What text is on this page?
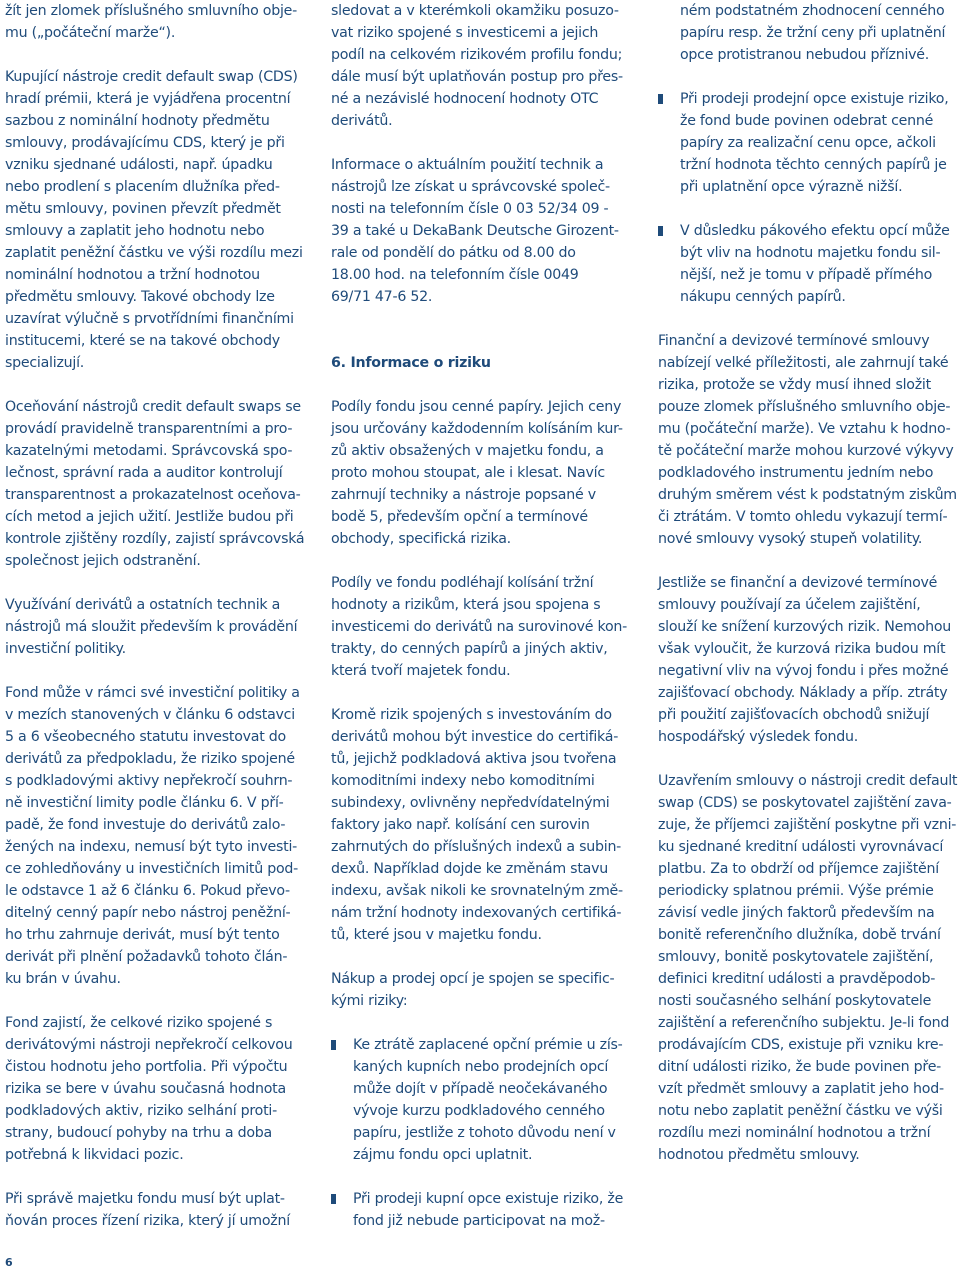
žít jen zlomek příslušného smluvního obje-
mu („počáteční marže“).

Kupující nástroje credit default swap (CDS)
hradí prémii, která je vyjádřena procentní
sazbou z nominální hodnoty předmětu
smlouvy, prodávajícímu CDS, který je při
vzniku sjednané události, např. úpadku
nebo prodlení s placením dlužníka před-
mětu smlouvy, povinen převzít předmět
smlouvy a zaplatit jeho hodnotu nebo
zaplatit peněžní částku ve výši rozdílu mezi
nominální hodnotou a tržní hodnotou
předmětu smlouvy. Takové obchody lze
uzavírat výlučně s prvotřídními finančními
institucemi, které se na takové obchody
specializují.

Oceňování nástrojů credit default swaps se
provádí pravidelně transparentními a pro-
kazatelnými metodami. Správcovská spo-
lečnost, správní rada a auditor kontrolují
transparentnost a prokazatelnost oceňova-
cích metod a jejich užití. Jestliže budou při
kontrole zjištěny rozdíly, zajistí správcovská
společnost jejich odstranění.

Využívání derivátů a ostatních technik a
nástrojů má sloužit především k provádění
investiční politiky.

Fond může v rámci své investiční politiky a
v mezích stanovených v článku 6 odstavci
5 a 6 všeobecného statutu investovat do
derivátů za předpokladu, že riziko spojené
s podkladovými aktivy nepřekročí souhrn-
ně investiční limity podle článku 6. V pří-
padě, že fond investuje do derivátů zalo-
žených na indexu, nemusí být tyto investi-
ce zohledňovány u investičních limitů pod-
le odstavce 1 až 6 článku 6. Pokud převo-
ditelný cenný papír nebo nástroj peněžní-
ho trhu zahrnuje derivát, musí být tento
derivát při plnění požadavků tohoto člán-
ku brán v úvahu.

Fond zajistí, že celkové riziko spojené s
derivátovými nástroji nepřekročí celkovou
čistou hodnotu jeho portfolia. Při výpočtu
rizika se bere v úvahu současná hodnota
podkladových aktiv, riziko selhání proti-
strany, budoucí pohyby na trhu a doba
potřebná k likvidaci pozic.

Při správě majetku fondu musí být uplat-
ňován proces řízení rizika, který jí umožní

sledovat a v kterémkoli okamžiku posuzo-
vat riziko spojené s investicemi a jejich
podíl na celkovém rizikovém profilu fondu;
dále musí být uplatňován postup pro přes-
né a nezávislé hodnocení hodnoty OTC
derivátů.

Informace o aktuálním použití technik a
nástrojů lze získat u správcovské společ-
nosti na telefonním čísle 0 03 52/34 09 -
39 a také u DekaBank Deutsche Girozent-
rale od pondělí do pátku od 8.00 do
18.00 hod. na telefonním čísle 0049
69/71 47-6 52.

6. Informace o riziku

Podíly fondu jsou cenné papíry. Jejich ceny
jsou určovány každodenním kolísáním kur-
zů aktiv obsažených v majetku fondu, a
proto mohou stoupat, ale i klesat. Navíc
zahrnují techniky a nástroje popsané v
bodě 5, především opční a termínové
obchody, specifická rizika.

Podíly ve fondu podléhají kolísání tržní
hodnoty a rizikům, která jsou spojena s
investicemi do derivátů na surovinové kon-
trakty, do cenných papírů a jiných aktiv,
která tvoří majetek fondu.

Kromě rizik spojených s investováním do
derivátů mohou být investice do certifiká-
tů, jejichž podkladová aktiva jsou tvořena
komoditními indexy nebo komoditními
subindexy, ovlivněny nepředvídatelnými
faktory jako např. kolísání cen surovin
zahrnutých do příslušných indexů a subin-
dexů. Například dojde ke změnám stavu
indexu, avšak nikoli ke srovnatelným změ-
nám tržní hodnoty indexovaných certifiká-
tů, které jsou v majetku fondu.

Nákup a prodej opcí je spojen se specific-
kými riziky:

Ke ztrátě zaplacené opční prémie u zís-
kaných kupních nebo prodejních opcí
může dojít v případě neočekávaného
vývoje kurzu podkladového cenného
papíru, jestliže z tohoto důvodu není v
zájmu fondu opci uplatnit.

Při prodeji kupní opce existuje riziko, že
fond již nebude participovat na mož-

ném podstatném zhodnocení cenného
papíru resp. že tržní ceny při uplatnění
opce protistranou nebudou příznivé.

Při prodeji prodejní opce existuje riziko,
že fond bude povinen odebrat cenné
papíry za realizační cenu opce, ačkoli
tržní hodnota těchto cenných papírů je
při uplatnění opce výrazně nižší.

V důsledku pákového efektu opcí může
být vliv na hodnotu majetku fondu sil-
nější, než je tomu v případě přímého
nákupu cenných papírů.

Finanční a devizové termínové smlouvy
nabízejí velké příležitosti, ale zahrnují také
rizika, protože se vždy musí ihned složit
pouze zlomek příslušného smluvního obje-
mu (počáteční marže). Ve vztahu k hodno-
tě počáteční marže mohou kurzové výkyvy
podkladového instrumentu jedním nebo
druhým směrem vést k podstatným ziskům
či ztrátám. V tomto ohledu vykazují termí-
nové smlouvy vysoký stupeň volatility.

Jestliže se finanční a devizové termínové
smlouvy používají za účelem zajištění,
slouží ke snížení kurzových rizik. Nemohou
však vyloučit, že kurzová rizika budou mít
negativní vliv na vývoj fondu i přes možné
zajišťovací obchody. Náklady a příp. ztráty
při použití zajišťovacích obchodů snižují
hospodářský výsledek fondu.

Uzavřením smlouvy o nástroji credit default
swap (CDS) se poskytovatel zajištění zava-
zuje, že příjemci zajištění poskytne při vzni-
ku sjednané kreditní události vyrovnávací
platbu. Za to obdrží od příjemce zajištění
periodicky splatnou prémii. Výše prémie
závisí vedle jiných faktorů především na
bonitě referenčního dlužníka, době trvání
smlouvy, bonitě poskytovatele zajištění,
definici kreditní události a pravděpodob-
nosti současného selhání poskytovatele
zajištění a referenčního subjektu. Je-li fond
prodávajícím CDS, existuje při vzniku kre-
ditní události riziko, že bude povinen pře-
vzít předmět smlouvy a zaplatit jeho hod-
notu nebo zaplatit peněžní částku ve výši
rozdílu mezi nominální hodnotou a tržní
hodnotou předmětu smlouvy.

6
